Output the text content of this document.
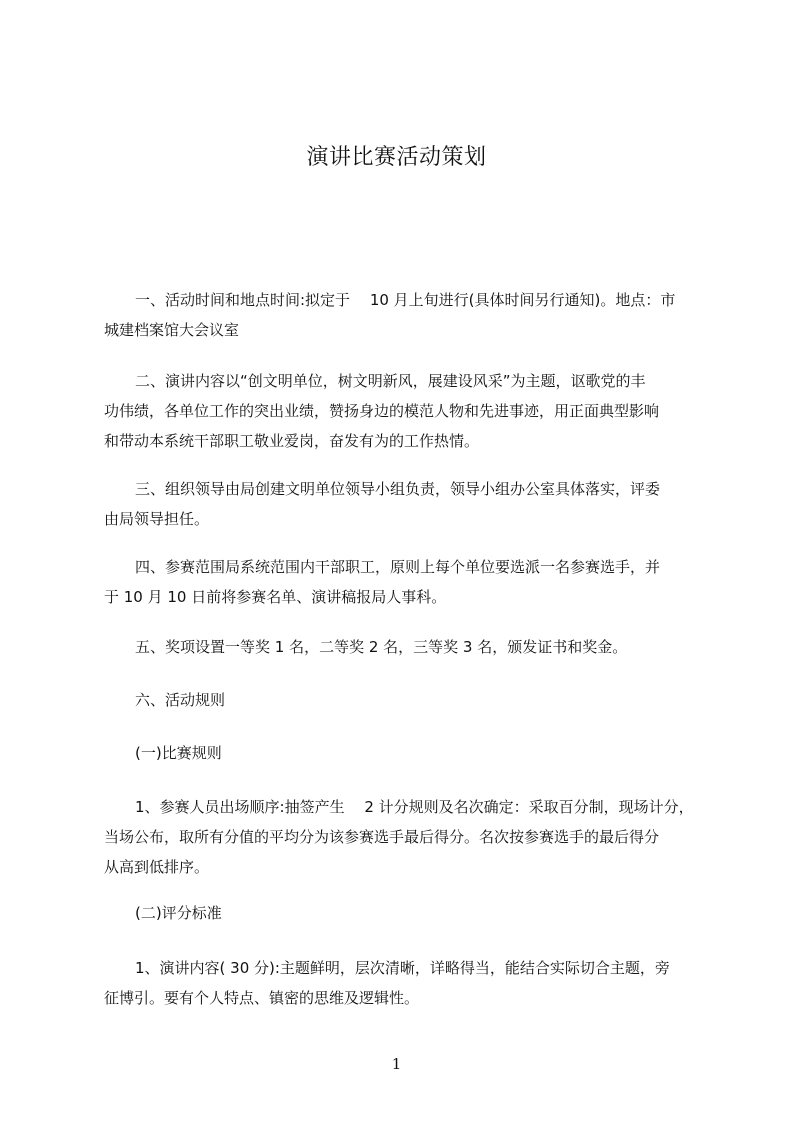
演讲比赛活动策划

一、活动时间和地点时间:拟定于　 10 月上旬进行(具体时间另行通知)。地点：市
城建档案馆大会议室

二、演讲内容以“创文明单位，树文明新风，展建设风采”为主题，讴歌党的丰
功伟绩，各单位工作的突出业绩，赞扬身边的模范人物和先进事迹，用正面典型影响
和带动本系统干部职工敬业爱岗，奋发有为的工作热情。

三、组织领导由局创建文明单位领导小组负责，领导小组办公室具体落实，评委
由局领导担任。

四、参赛范围局系统范围内干部职工，原则上每个单位要选派一名参赛选手，并
于 10 月 10 日前将参赛名单、演讲稿报局人事科。

五、奖项设置一等奖 1 名，二等奖 2 名，三等奖 3 名，颁发证书和奖金。

六、活动规则

(一)比赛规则

1、参赛人员出场顺序:抽签产生　 2 计分规则及名次确定：采取百分制，现场计分，
当场公布，取所有分值的平均分为该参赛选手最后得分。名次按参赛选手的最后得分
从高到低排序。

(二)评分标准

1、演讲内容( 30 分):主题鲜明，层次清晰，详略得当，能结合实际切合主题，旁
征博引。要有个人特点、镇密的思维及逻辑性。

1
